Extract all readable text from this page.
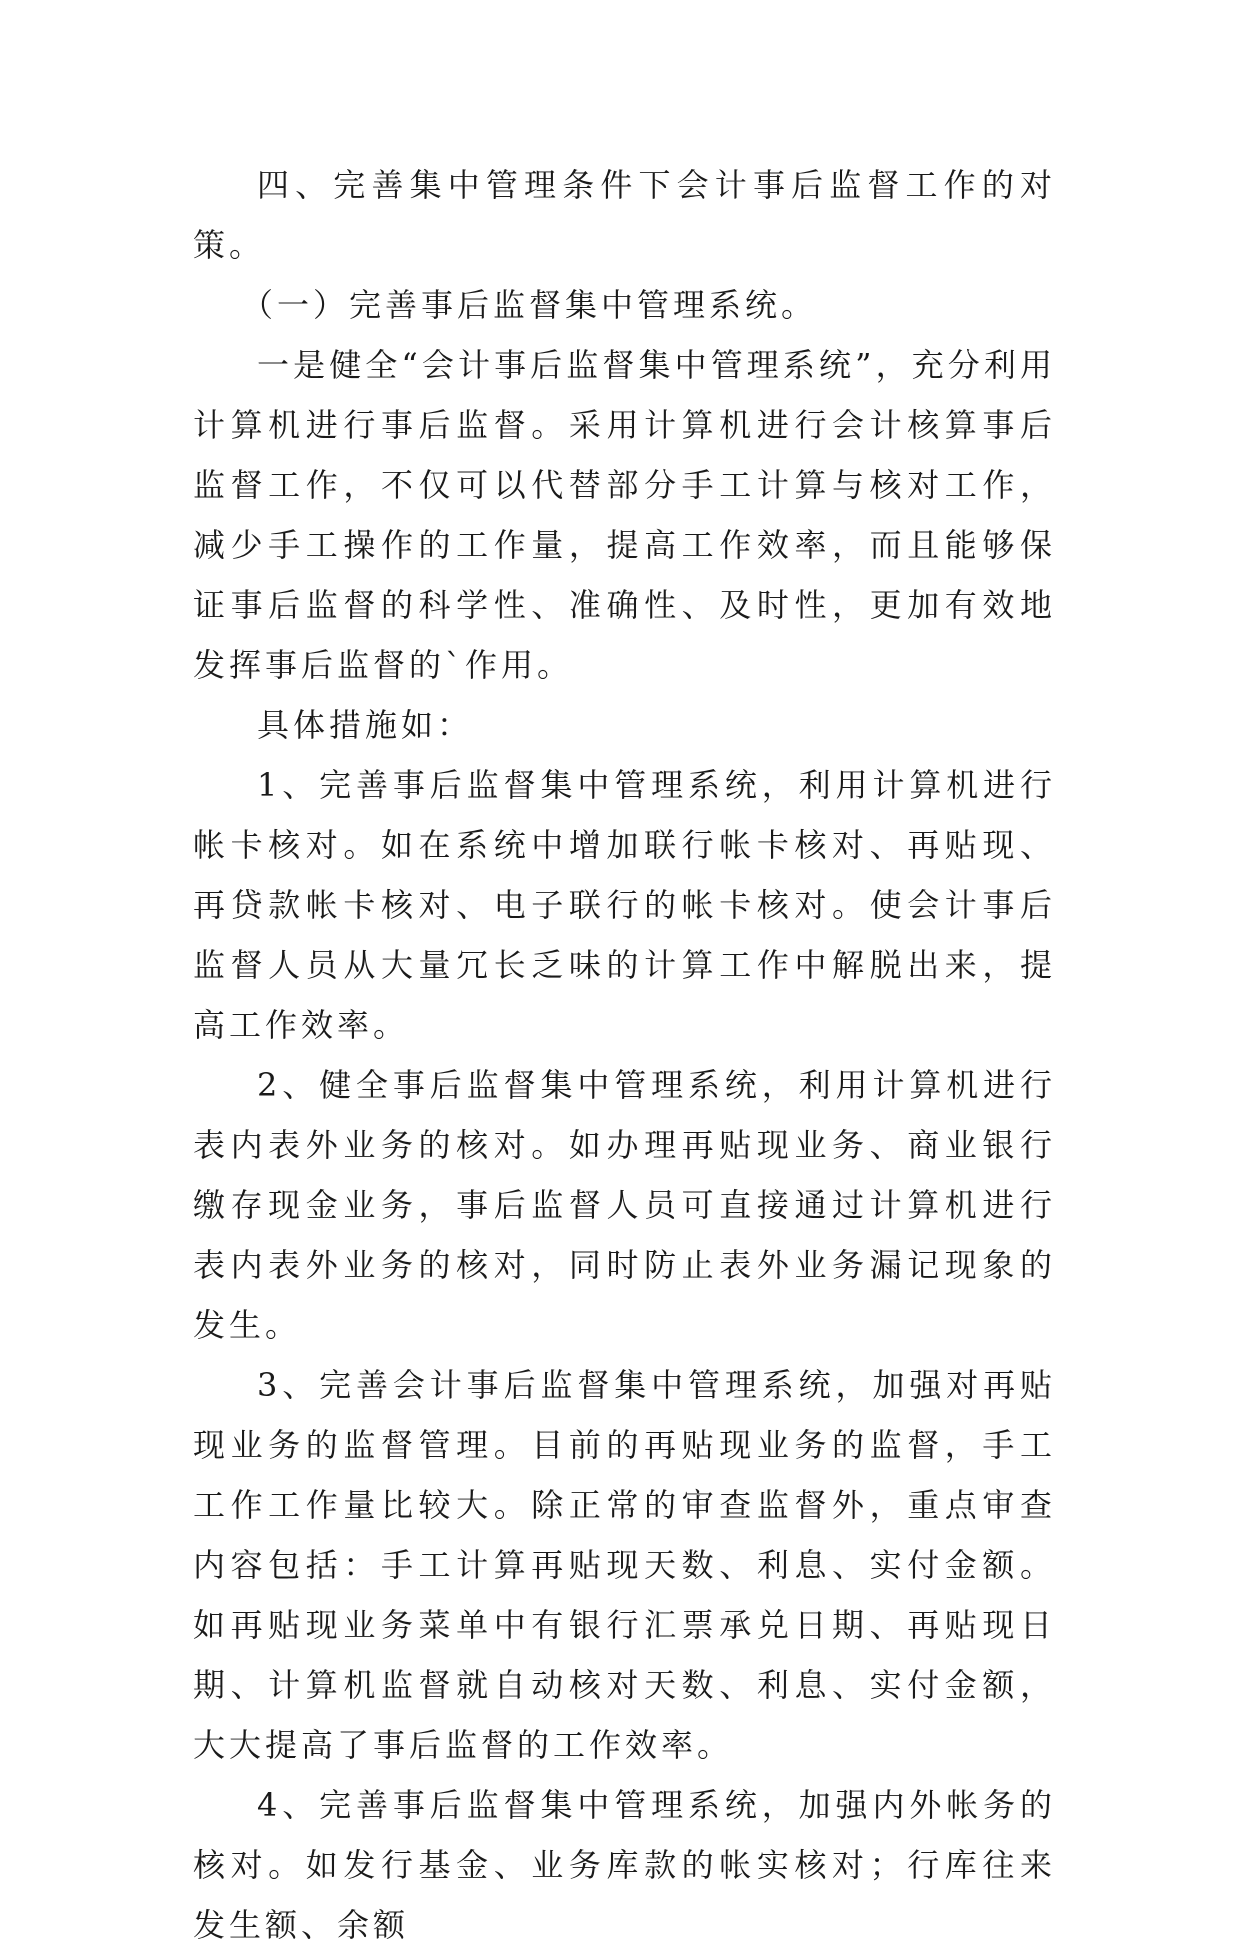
四、完善集中管理条件下会计事后监督工作的对策。

（一）完善事后监督集中管理系统。

一是健全“会计事后监督集中管理系统”，充分利用计算机进行事后监督。采用计算机进行会计核算事后监督工作，不仅可以代替部分手工计算与核对工作，减少手工操作的工作量，提高工作效率，而且能够保证事后监督的科学性、准确性、及时性，更加有效地发挥事后监督的`作用。

具体措施如：

1、完善事后监督集中管理系统，利用计算机进行帐卡核对。如在系统中增加联行帐卡核对、再贴现、再贷款帐卡核对、电子联行的帐卡核对。使会计事后监督人员从大量冗长乏味的计算工作中解脱出来，提高工作效率。

2、健全事后监督集中管理系统，利用计算机进行表内表外业务的核对。如办理再贴现业务、商业银行缴存现金业务，事后监督人员可直接通过计算机进行表内表外业务的核对，同时防止表外业务漏记现象的发生。

3、完善会计事后监督集中管理系统，加强对再贴现业务的监督管理。目前的再贴现业务的监督，手工工作工作量比较大。除正常的审查监督外，重点审查内容包括：手工计算再贴现天数、利息、实付金额。如再贴现业务菜单中有银行汇票承兑日期、再贴现日期、计算机监督就自动核对天数、利息、实付金额，大大提高了事后监督的工作效率。

4、完善事后监督集中管理系统，加强内外帐务的核对。如发行基金、业务库款的帐实核对；行库往来发生额、余额
